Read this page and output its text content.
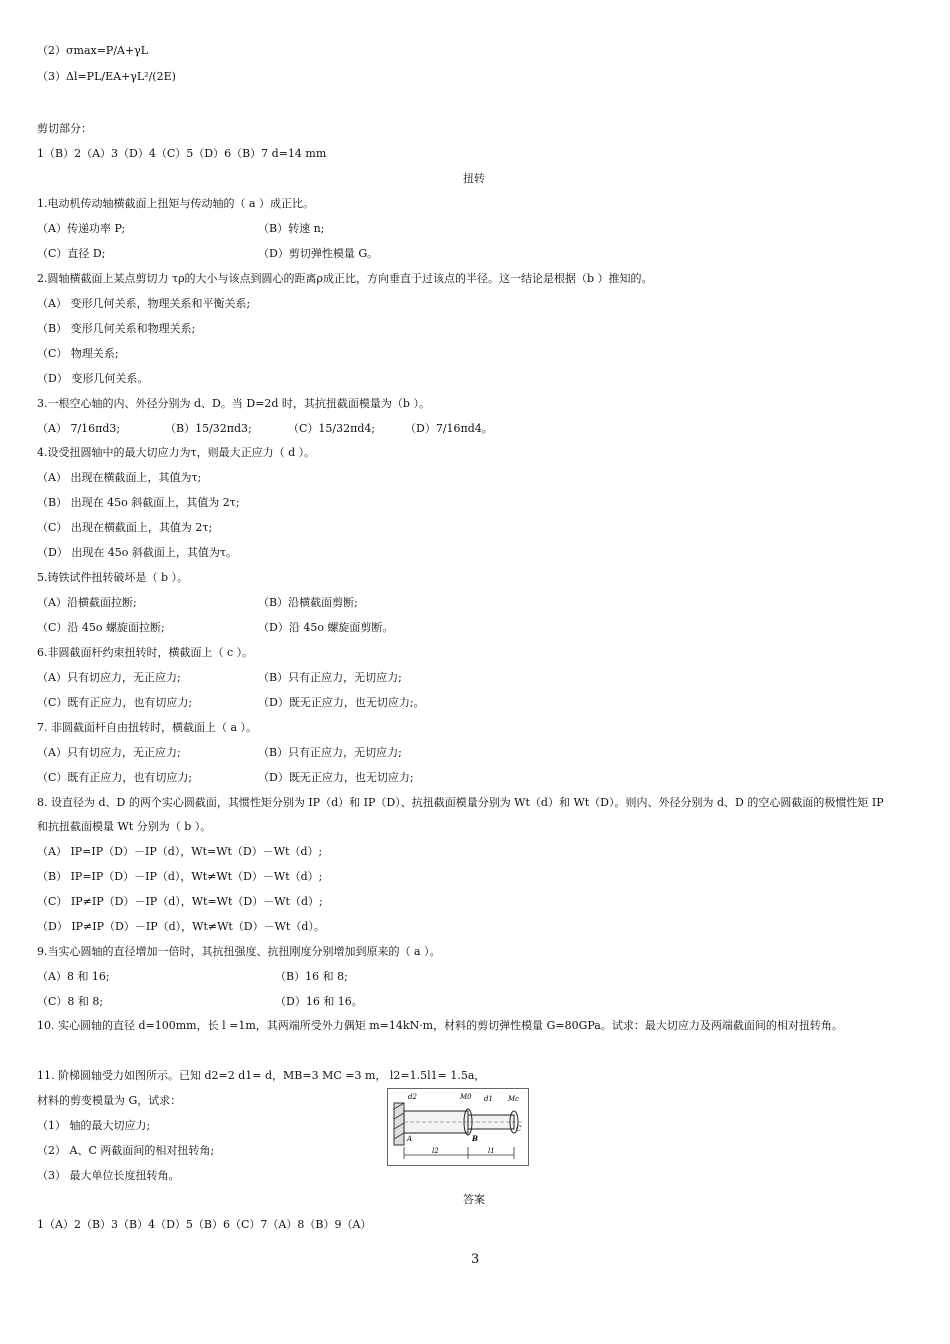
（2）σmax=P/A+γL
（3）Δl=PL/EA+γL²/(2E)
剪切部分：
1（B）2（A）3（D）4（C）5（D）6（B）7 d=14 mm
扭转
1.电动机传动轴横截面上扭矩与传动轴的（ a ）成正比。
（A）传递功率 P;	（B）转速 n;
（C）直径 D;	（D）剪切弹性模量 G。
2.圆轴横截面上某点剪切力 τρ的大小与该点到圆心的距离ρ成正比，方向垂直于过该点的半径。这一结论是根据（b ）推知的。
（A） 变形几何关系，物理关系和平衡关系;
（B） 变形几何关系和物理关系;
（C） 物理关系;
（D） 变形几何关系。
3.一根空心轴的内、外径分别为 d、D。当 D=2d 时，其抗扭截面模量为（b ）。
（A） 7/16πd3;	（B）15/32πd3;	（C）15/32πd4;	（D）7/16πd4。
4.设受扭圆轴中的最大切应力为τ，则最大正应力（ d ）。
（A） 出现在横截面上，其值为τ;
（B） 出现在 45o 斜截面上，其值为 2τ;
（C） 出现在横截面上，其值为 2τ;
（D） 出现在 45o 斜截面上，其值为τ。
5.铸铁试件扭转破坏是（ b ）。
（A）沿横截面拉断;	（B）沿横截面剪断;
（C）沿 45o 螺旋面拉断;	（D）沿 45o 螺旋面剪断。
6.非圆截面杆约束扭转时，横截面上（ c ）。
（A）只有切应力，无正应力;	（B）只有正应力，无切应力;
（C）既有正应力，也有切应力;	（D）既无正应力，也无切应力;。
7. 非圆截面杆自由扭转时，横截面上（ a ）。
（A）只有切应力，无正应力;	（B）只有正应力，无切应力;
（C）既有正应力，也有切应力;	（D）既无正应力，也无切应力;
8. 设直径为 d、D 的两个实心圆截面，其惯性矩分别为 IP（d）和 IP（D）、抗扭截面模量分别为 Wt（d）和 Wt（D）。则内、外径分别为 d、D 的空心圆截面的极惯性矩 IP
和抗扭截面模量 Wt 分别为（ b ）。
（A） IP=IP（D）－IP（d），Wt=Wt（D）－Wt（d）;
（B） IP=IP（D）－IP（d），Wt≠Wt（D）－Wt（d）;
（C） IP≠IP（D）－IP（d），Wt=Wt（D）－Wt（d）;
（D） IP≠IP（D）－IP（d），Wt≠Wt（D）－Wt（d）。
9.当实心圆轴的直径增加一倍时，其抗扭强度、抗扭刚度分别增加到原来的（ a ）。
（A）8 和 16;	（B）16 和 8;
（C）8 和 8;	（D）16 和 16。
10. 实心圆轴的直径 d=100mm，长 l =1m，其两端所受外力偶矩 m=14kN·m，材料的剪切弹性模量 G=80GPa。试求：最大切应力及两端截面间的相对扭转角。
11. 阶梯圆轴受力如图所示。已知 d2=2 d1= d，MB=3 MC =3 m， l2=1.5l1= 1.5a，
材料的剪变模量为 G，试求：
（1） 轴的最大切应力;
（2） A、C 两截面间的相对扭转角;
（3） 最大单位长度扭转角。
d2	M0 d1 Mc
A	B
C
l2	l1
答案
1（A）2（B）3（B）4（D）5（B）6（C）7（A）8（B）9（A）
3
